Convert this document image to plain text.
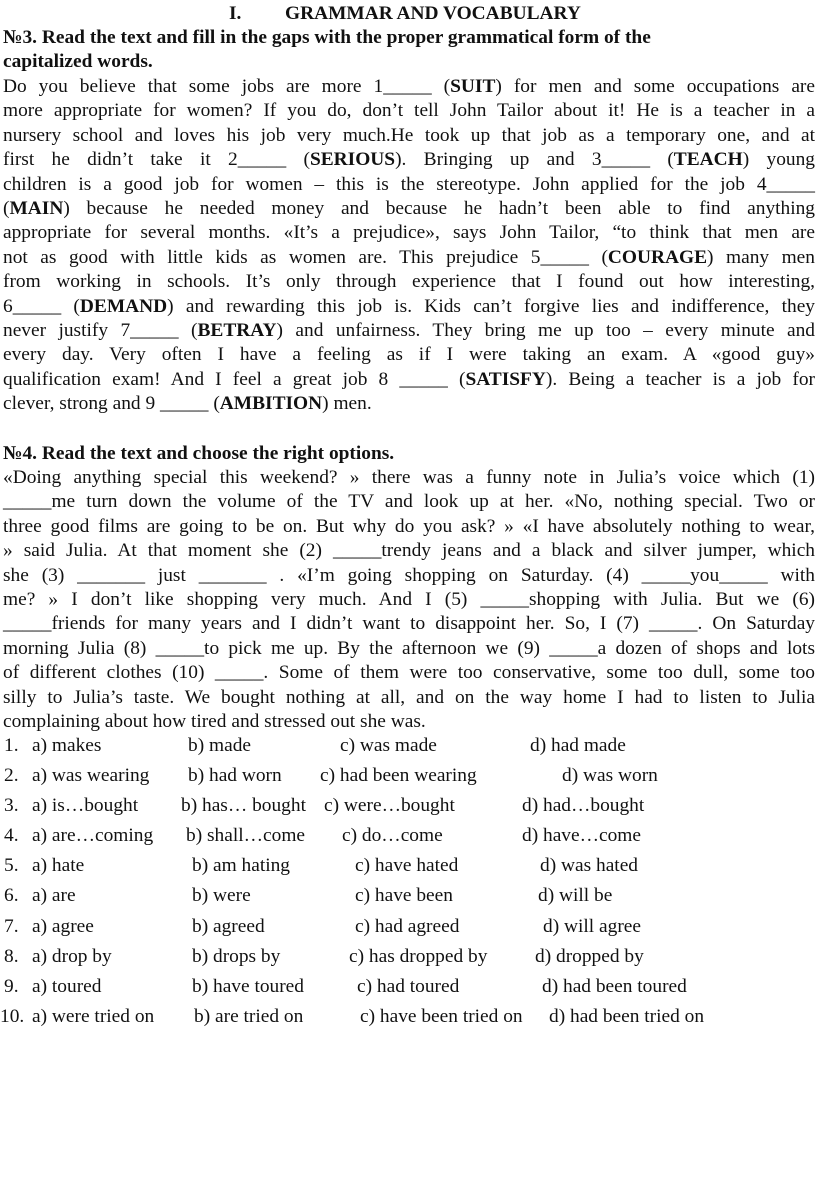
I. GRAMMAR AND VOCABULARY
№3. Read the text and fill in the gaps with the proper grammatical form of the
capitalized words.
Do you believe that some jobs are more 1_____ (SUIT) for men and some occupations are
more appropriate for women? If you do, don’t tell John Tailor about it! He is a teacher in a
nursery school and loves his job very much.He took up that job as a temporary one, and at
first he didn’t take it 2_____ (SERIOUS). Bringing up and 3_____ (TEACH) young
children is a good job for women – this is the stereotype. John applied for the job 4_____
(MAIN) because he needed money and because he hadn’t been able to find anything
appropriate for several months. «It’s a prejudice», says John Tailor, “to think that men are
not as good with little kids as women are. This prejudice 5_____ (COURAGE) many men
from working in schools. It’s only through experience that I found out how interesting,
6_____ (DEMAND) and rewarding this job is. Kids can’t forgive lies and indifference, they
never justify 7_____ (BETRAY) and unfairness. They bring me up too – every minute and
every day. Very often I have a feeling as if I were taking an exam. A «good guy»
qualification exam! And I feel a great job 8 _____ (SATISFY). Being a teacher is a job for
clever, strong and 9 _____ (AMBITION) men.
№4. Read the text and choose the right options.
«Doing anything special this weekend? » there was a funny note in Julia’s voice which (1)
_____me turn down the volume of the TV and look up at her. «No, nothing special. Two or
three good films are going to be on. But why do you ask? » «I have absolutely nothing to wear,
» said Julia. At that moment she (2) _____trendy jeans and a black and silver jumper, which
she (3) _______ just _______ . «I’m going shopping on Saturday. (4) _____you_____ with
me? » I don’t like shopping very much. And I (5) _____shopping with Julia. But we (6)
_____friends for many years and I didn’t want to disappoint her. So, I (7) _____. On Saturday
morning Julia (8) _____to pick me up. By the afternoon we (9) _____a dozen of shops and lots
of different clothes (10) _____. Some of them were too conservative, some too dull, some too
silly to Julia’s taste. We bought nothing at all, and on the way home I had to listen to Julia
complaining about how tired and stressed out she was.
1. a) makes	b) made	c) was made	d) had made
2. a) was wearing b) had worn c) had been wearing	d) was worn
3. a) is…bought b) has… bought c) were…bought	d) had…bought
4. a) are…coming b) shall…come c) do…come	d) have…come
5. a) hate	b) am hating	c) have hated	d) was hated
6. a) are	b) were	c) have been	d) will be
7. a) agree	b) agreed	c) had agreed	d) will agree
8. a) drop by	b) drops by	c) has dropped by d) dropped by
9. a) toured	b) have toured	c) had toured	d) had been toured
10. a) were tried on b) are tried on	c) have been tried on d) had been tried on
